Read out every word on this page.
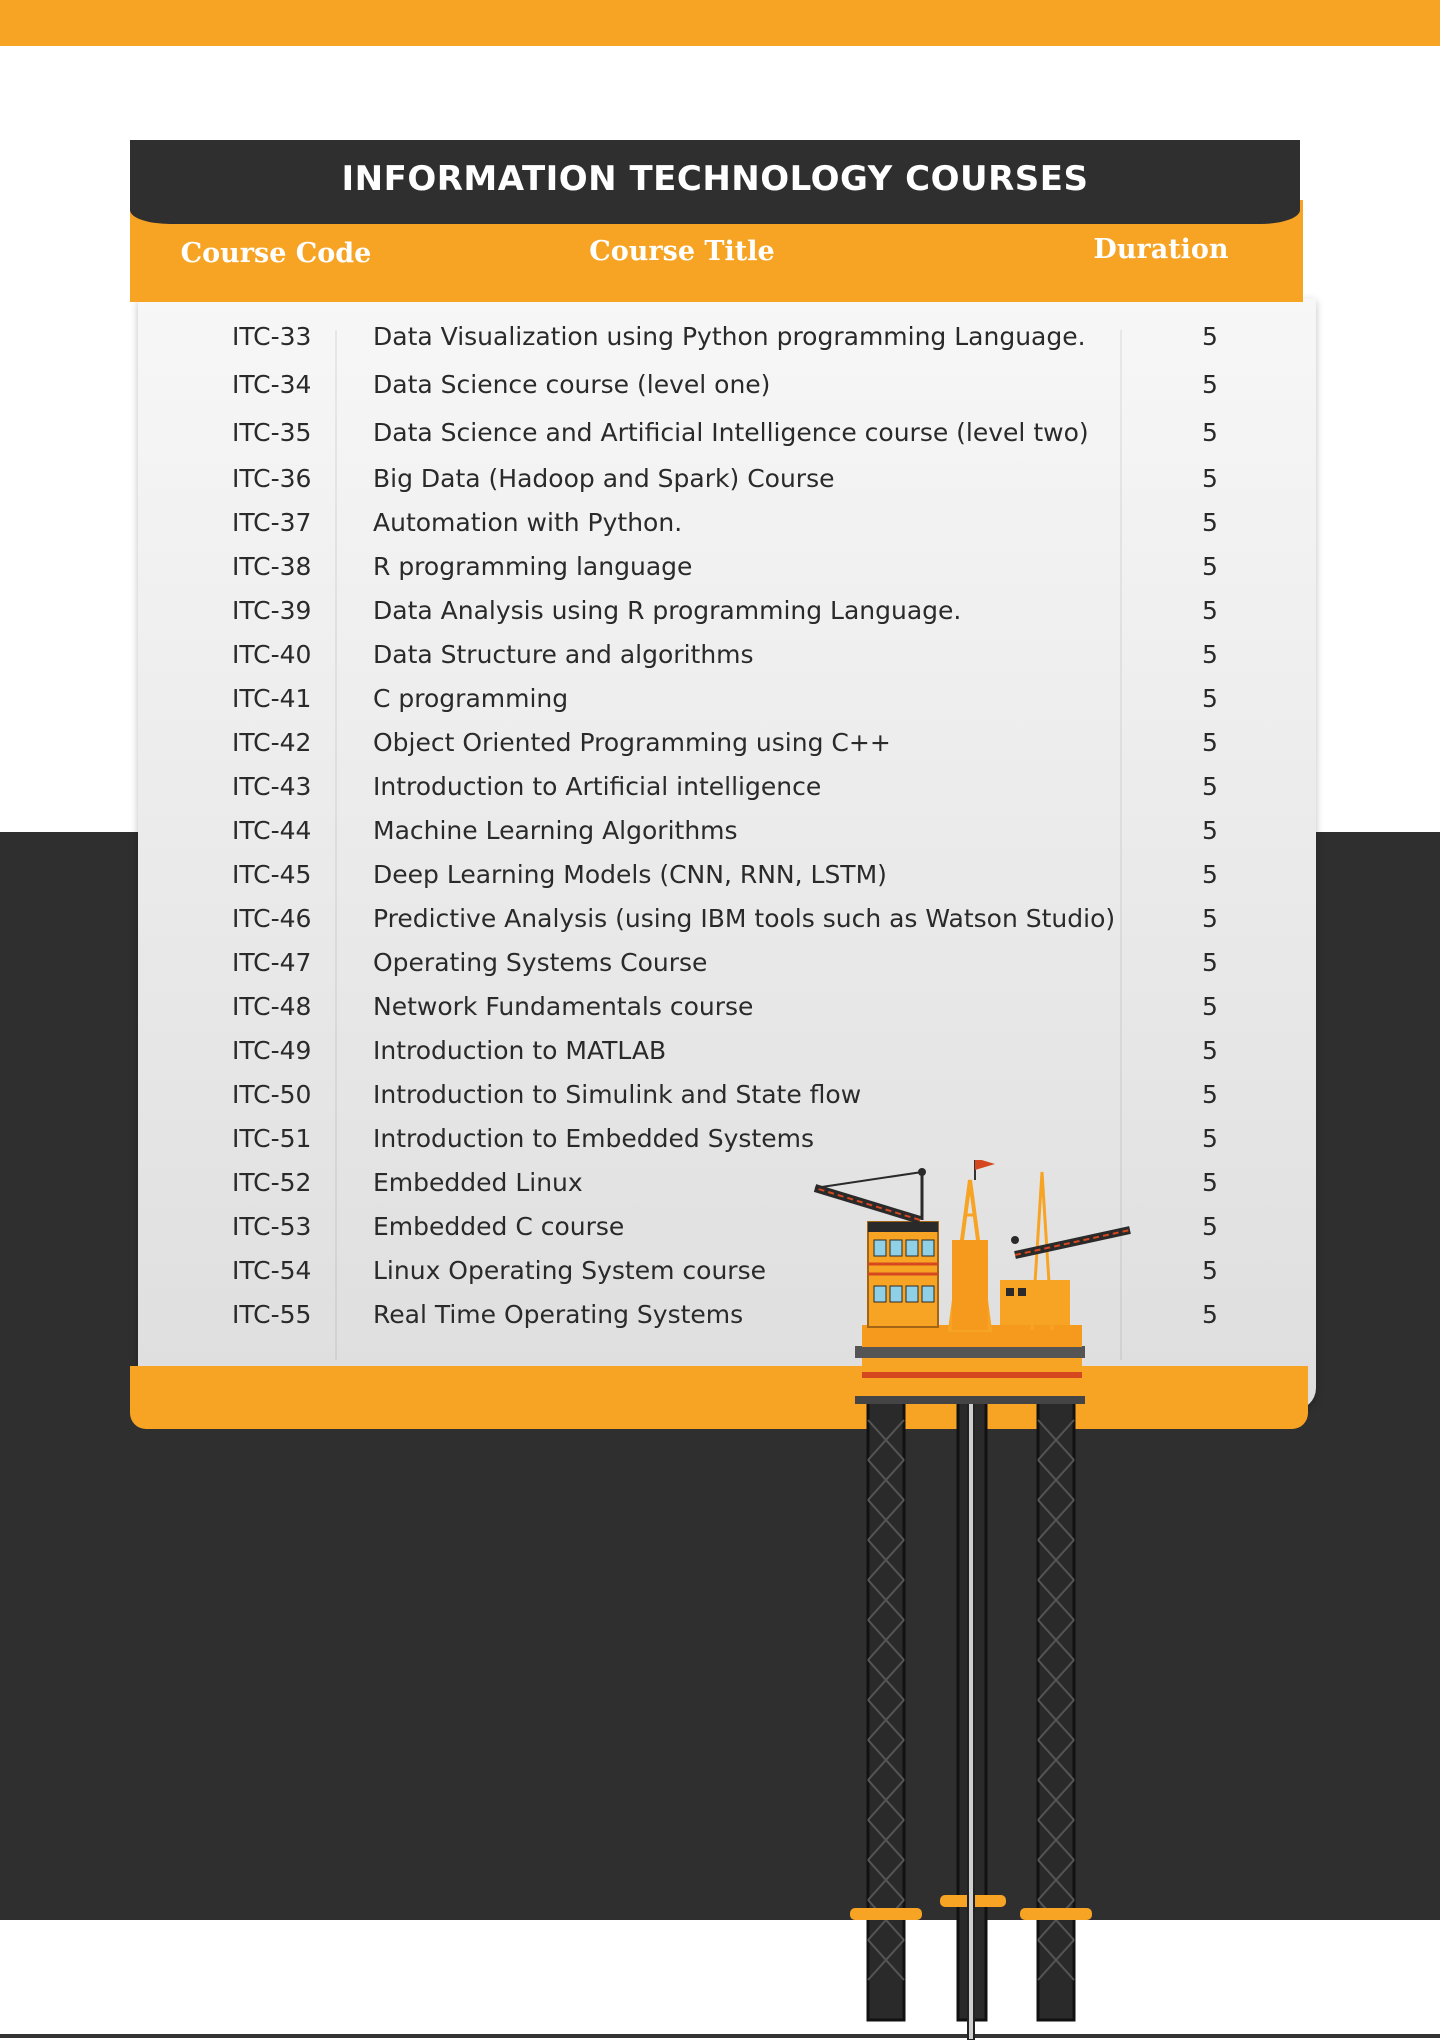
INFORMATION TECHNOLOGY COURSES
Course Code	Course Title	Duration
ITC-33 Data Visualization using Python programming Language.	5
ITC-34 Data Science course (level one)	5
ITC-35 Data Science and Artificial Intelligence course (level two)	5
ITC-36 Big Data (Hadoop and Spark) Course	5
ITC-37 Automation with Python.	5
ITC-38 R programming language	5
ITC-39 Data Analysis using R programming Language.	5
ITC-40 Data Structure and algorithms	5
ITC-41 C programming	5
ITC-42 Object Oriented Programming using C++	5
ITC-43 Introduction to Artificial intelligence	5
ITC-44 Machine Learning Algorithms	5
ITC-45 Deep Learning Models (CNN, RNN, LSTM)	5
ITC-46 Predictive Analysis (using IBM tools such as Watson Studio)	5
ITC-47 Operating Systems Course	5
ITC-48 Network Fundamentals course	5
ITC-49 Introduction to MATLAB	5
ITC-50 Introduction to Simulink and State flow	5
ITC-51 Introduction to Embedded Systems	5
ITC-52 Embedded Linux	5
ITC-53 Embedded C course	5
ITC-54 Linux Operating System course	5
ITC-55 Real Time Operating Systems	5
